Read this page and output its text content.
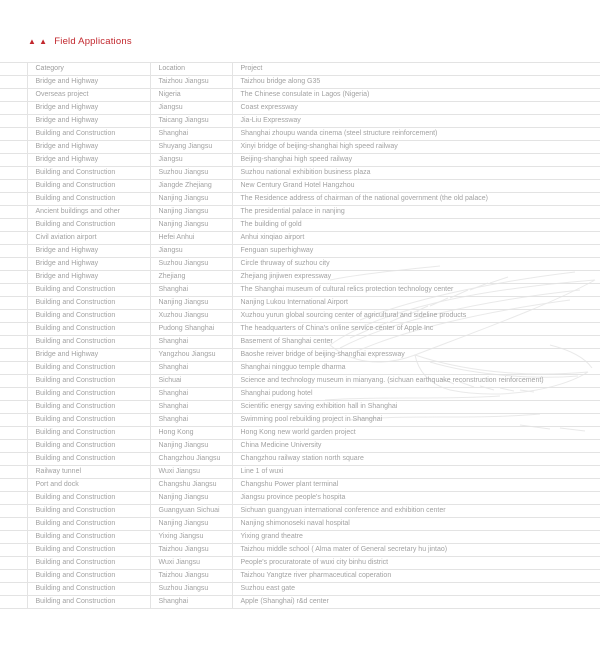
▲ ▲ Field Applications
	Category	Location	Project
	Bridge and Highway	Taizhou Jiangsu	Taizhou bridge along G35
	Overseas project	Nigeria	The Chinese consulate in Lagos (Nigeria)
	Bridge and Highway	Jiangsu	Coast expressway
	Bridge and Highway	Taicang Jiangsu	Jia-Liu Expressway
	Building and Construction	Shanghai	Shanghai zhoupu wanda cinema (steel structure reinforcement)
	Bridge and Highway	Shuyang Jiangsu	Xinyi bridge of beijing-shanghai high speed railway
	Bridge and Highway	Jiangsu	Beijing-shanghai high speed railway
	Building and Construction	Suzhou Jiangsu	Suzhou national exhibition business plaza
	Building and Construction	Jiangde Zhejiang	New Century Grand Hotel Hangzhou
	Building and Construction	Nanjing Jiangsu	The Residence address of chairman of the national government (the old palace)
	Ancient buildings and other	Nanjing Jiangsu	The presidential palace in nanjing
	Building and Construction	Nanjing Jiangsu	The building of gold
	Civil aviation airport	Hefei Anhui	Anhui xinqiao airport
	Bridge and Highway	Jiangsu	Fenguan superhighway
	Bridge and Highway	Suzhou Jiangsu	Circle thruway of suzhou city
	Bridge and Highway	Zhejiang	Zhejiang jinjiwen expressway
	Building and Construction	Shanghai	The Shanghai museum of cultural relics protection technology center
	Building and Construction	Nanjing Jiangsu	Nanjing Lukou International Airport
	Building and Construction	Xuzhou Jiangsu	Xuzhou yurun global sourcing center of agricultural and sideline products
	Building and Construction	Pudong Shanghai	The headquarters of China's online service center of Apple Inc
	Building and Construction	Shanghai	Basement of Shanghai center
	Bridge and Highway	Yangzhou Jiangsu	Baoshe reiver bridge of beijing-shanghai expressway
	Building and Construction	Shanghai	Shanghai ningguo temple dharma
	Building and Construction	Sichuai	Science and technology museum in mianyang. (sichuan earthquake reconstruction reinforcement)
	Building and Construction	Shanghai	Shanghai pudong hotel
	Building and Construction	Shanghai	Scientific energy saving exhibition hall in Shanghai
	Building and Construction	Shanghai	Swimming pool rebuilding project in Shanghai
	Building and Construction	Hong Kong	Hong Kong new world garden project
	Building and Construction	Nanjing Jiangsu	China Medicine University
	Building and Construction	Changzhou Jiangsu	Changzhou railway station north square
	Railway tunnel	Wuxi Jiangsu	Line 1 of wuxi
	Port and dock	Changshu Jiangsu	Changshu Power plant terminal
	Building and Construction	Nanjing Jiangsu	Jiangsu province people's hospita
	Building and Construction	Guangyuan Sichuai	Sichuan guangyuan international conference and exhibition center
	Building and Construction	Nanjing Jiangsu	Nanjing shimonoseki naval hospital
	Building and Construction	Yixing Jiangsu	Yixing grand theatre
	Building and Construction	Taizhou Jiangsu	Taizhou middle school ( Alma mater of General secretary hu jintao)
	Building and Construction	Wuxi Jiangsu	People's procuratorate of wuxi city binhu district
	Building and Construction	Taizhou Jiangsu	Taizhou Yangtze river pharmaceutical coperation
	Building and Construction	Suzhou Jiangsu	Suzhou east gate
	Building and Construction	Shanghai	Apple (Shanghai) r&d center
